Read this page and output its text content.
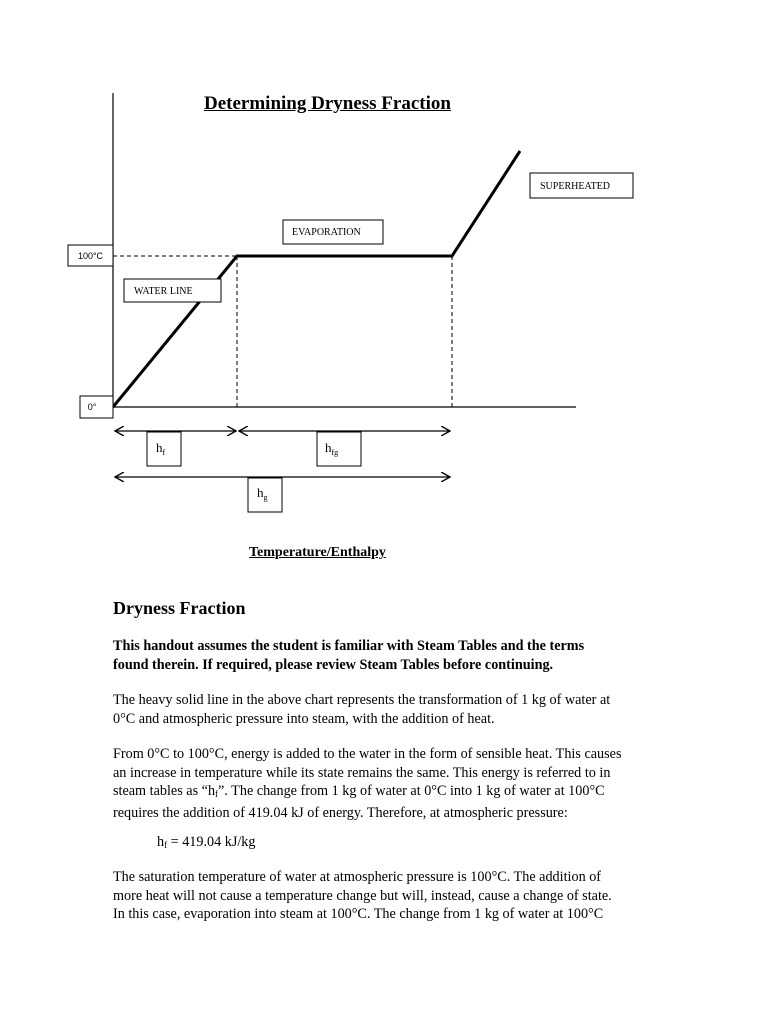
Determining Dryness Fraction
100°C
0°
SUPERHEATED
EVAPORATION
WATER LINE
$h_f$	$h_{fg}$
$h_g$
Temperature/Enthalpy
Dryness Fraction

This handout assumes the student is familiar with Steam Tables and the terms
found therein. If required, please review Steam Tables before continuing.

The heavy solid line in the above chart represents the transformation of 1 kg of water at
0°C and atmospheric pressure into steam, with the addition of heat.

From 0°C to 100°C, energy is added to the water in the form of sensible heat. This causes
an increase in temperature while its state remains the same. This energy is referred to in
steam tables as “$h_f$”. The change from 1 kg of water at 0°C into 1 kg of water at 100°C
requires the addition of 419.04 kJ of energy. Therefore, at atmospheric pressure:

$h_f = 419.04$ kJ/kg

The saturation temperature of water at atmospheric pressure is 100°C. The addition of
more heat will not cause a temperature change but will, instead, cause a change of state.
In this case, evaporation into steam at 100°C. The change from 1 kg of water at 100°C
